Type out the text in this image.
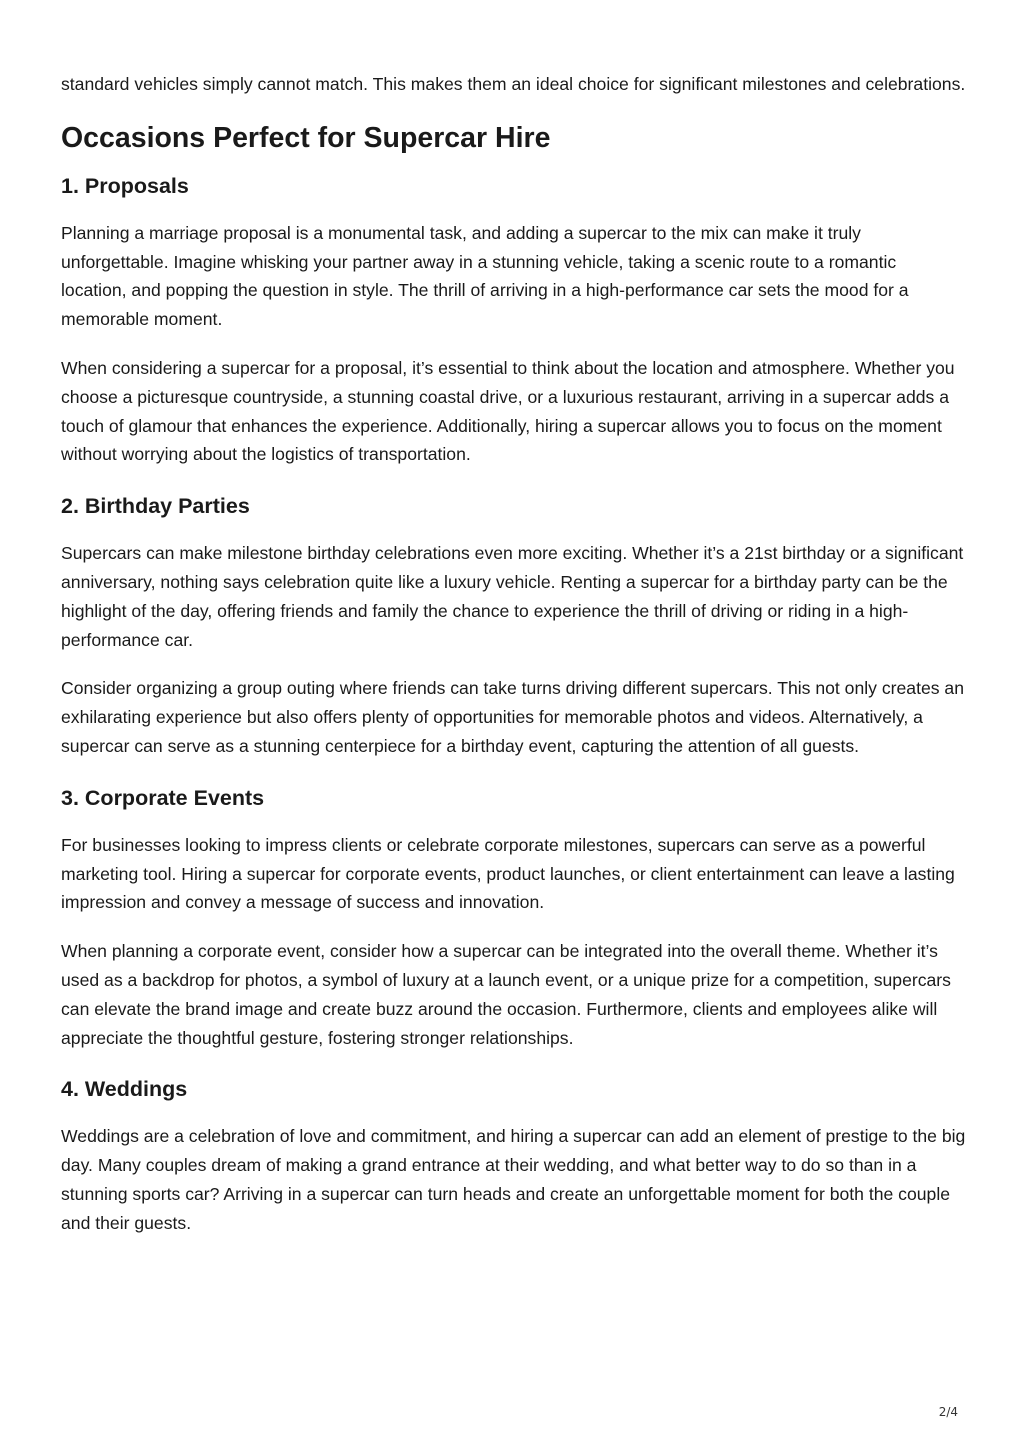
standard vehicles simply cannot match. This makes them an ideal choice for significant milestones and celebrations.

Occasions Perfect for Supercar Hire
1. Proposals

Planning a marriage proposal is a monumental task, and adding a supercar to the mix can make it truly unforgettable. Imagine whisking your partner away in a stunning vehicle, taking a scenic route to a romantic location, and popping the question in style. The thrill of arriving in a high-performance car sets the mood for a memorable moment.

When considering a supercar for a proposal, it’s essential to think about the location and atmosphere. Whether you choose a picturesque countryside, a stunning coastal drive, or a luxurious restaurant, arriving in a supercar adds a touch of glamour that enhances the experience. Additionally, hiring a supercar allows you to focus on the moment without worrying about the logistics of transportation.

2. Birthday Parties

Supercars can make milestone birthday celebrations even more exciting. Whether it’s a 21st birthday or a significant anniversary, nothing says celebration quite like a luxury vehicle. Renting a supercar for a birthday party can be the highlight of the day, offering friends and family the chance to experience the thrill of driving or riding in a high-performance car.

Consider organizing a group outing where friends can take turns driving different supercars. This not only creates an exhilarating experience but also offers plenty of opportunities for memorable photos and videos. Alternatively, a supercar can serve as a stunning centerpiece for a birthday event, capturing the attention of all guests.

3. Corporate Events

For businesses looking to impress clients or celebrate corporate milestones, supercars can serve as a powerful marketing tool. Hiring a supercar for corporate events, product launches, or client entertainment can leave a lasting impression and convey a message of success and innovation.

When planning a corporate event, consider how a supercar can be integrated into the overall theme. Whether it’s used as a backdrop for photos, a symbol of luxury at a launch event, or a unique prize for a competition, supercars can elevate the brand image and create buzz around the occasion. Furthermore, clients and employees alike will appreciate the thoughtful gesture, fostering stronger relationships.

4. Weddings

Weddings are a celebration of love and commitment, and hiring a supercar can add an element of prestige to the big day. Many couples dream of making a grand entrance at their wedding, and what better way to do so than in a stunning sports car? Arriving in a supercar can turn heads and create an unforgettable moment for both the couple and their guests.

2/4
